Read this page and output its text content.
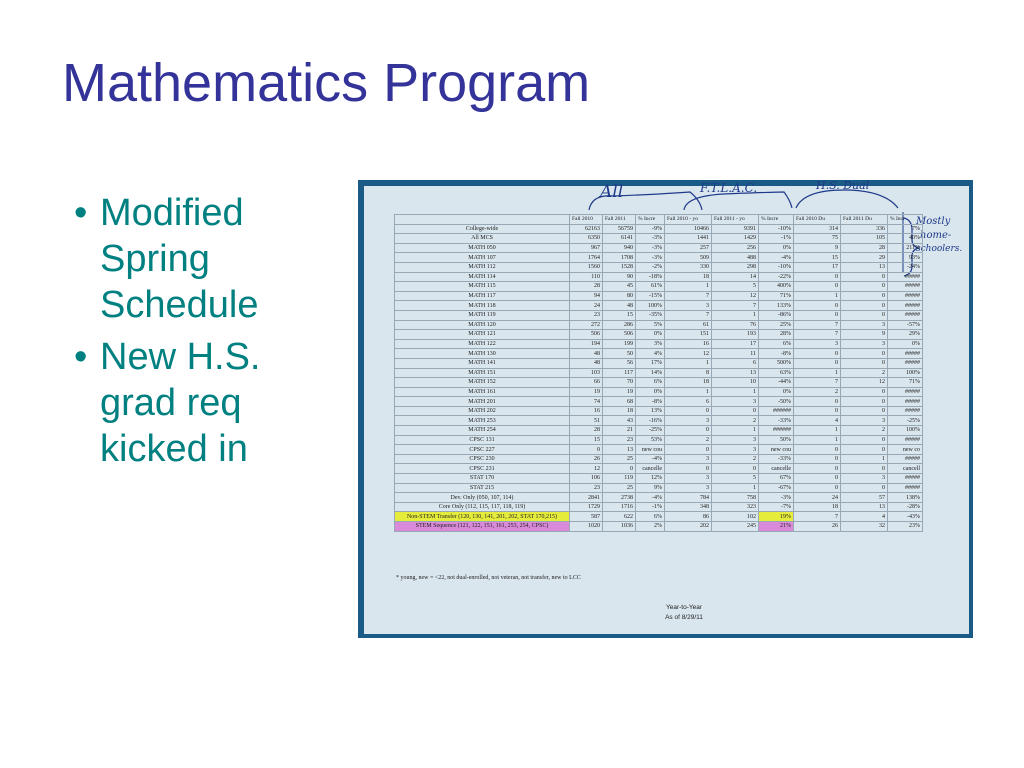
Mathematics Program
• Modified Spring Schedule
• New H.S. grad req kicked in
All	F.T.L.A.C.	H.S. Dual
Mostly
home-
schoolers.
	Fall 2010	Fall 2011	% Incre	Fall 2010 - yo	Fall 2011 - yo	% Incre	Fall 2010 Du	Fall 2011 Du	% Incr
College-wide	62163	56759	-9%	10466	9391	-10%	314	336	7%
All MCS	6350	6141	-3%	1441	1429	-1%	75	105	40%
MATH 050	967	940	-3%	257	256	0%	9	28	211%
MATH 107	1764	1708	-3%	509	488	-4%	15	29	93%
MATH 112	1560	1528	-2%	330	298	-10%	17	13	-24%
MATH 114	110	90	-18%	18	14	-22%	0	0	#####
MATH 115	28	45	61%	1	5	400%	0	0	#####
MATH 117	94	80	-15%	7	12	71%	1	0	#####
MATH 118	24	48	100%	3	7	133%	0	0	#####
MATH 119	23	15	-35%	7	1	-86%	0	0	#####
MATH 120	272	286	5%	61	76	25%	7	3	-57%
MATH 121	506	506	0%	151	193	28%	7	9	29%
MATH 122	194	199	3%	16	17	6%	3	3	0%
MATH 130	48	50	4%	12	11	-8%	0	0	#####
MATH 141	48	56	17%	1	6	500%	0	0	#####
MATH 151	103	117	14%	8	13	63%	1	2	100%
MATH 152	66	70	6%	18	10	-44%	7	12	71%
MATH 161	19	19	0%	1	1	0%	2	0	#####
MATH 201	74	68	-8%	6	3	-50%	0	0	#####
MATH 202	16	18	13%	0	0	######	0	0	#####
MATH 253	51	43	-16%	3	2	-33%	4	3	-25%
MATH 254	28	21	-25%	0	1	######	1	2	100%
CPSC 131	15	23	53%	2	3	50%	1	0	#####
CPSC 227	0	13	new cou	0	3	new cou	0	0	new co
CPSC 230	26	25	-4%	3	2	-33%	0	1	#####
CPSC 231	12	0	cancelle	0	0	cancelle	0	0	cancell
STAT 170	106	119	12%	3	5	67%	0	3	#####
STAT 215	23	25	9%	3	1	-67%	0	0	#####
Dev. Only (050, 107, 114)	2841	2738	-4%	784	758	-3%	24	57	138%
Core Only (112, 115, 117, 118, 119)	1729	1716	-1%	348	323	-7%	18	13	-28%
Non-STEM Transfer (120, 130, 141, 201, 202, STAT 170,215)	587	622	6%	86	102	19%	7	4	-43%
STEM Sequence (121, 122, 151, 161, 253, 254, CPSC)	1020	1036	2%	202	245	21%	26	32	23%
* young, new = <22, not dual-enrolled, not veteran, not transfer, new to LCC
Year-to-Year
As of 8/29/11
